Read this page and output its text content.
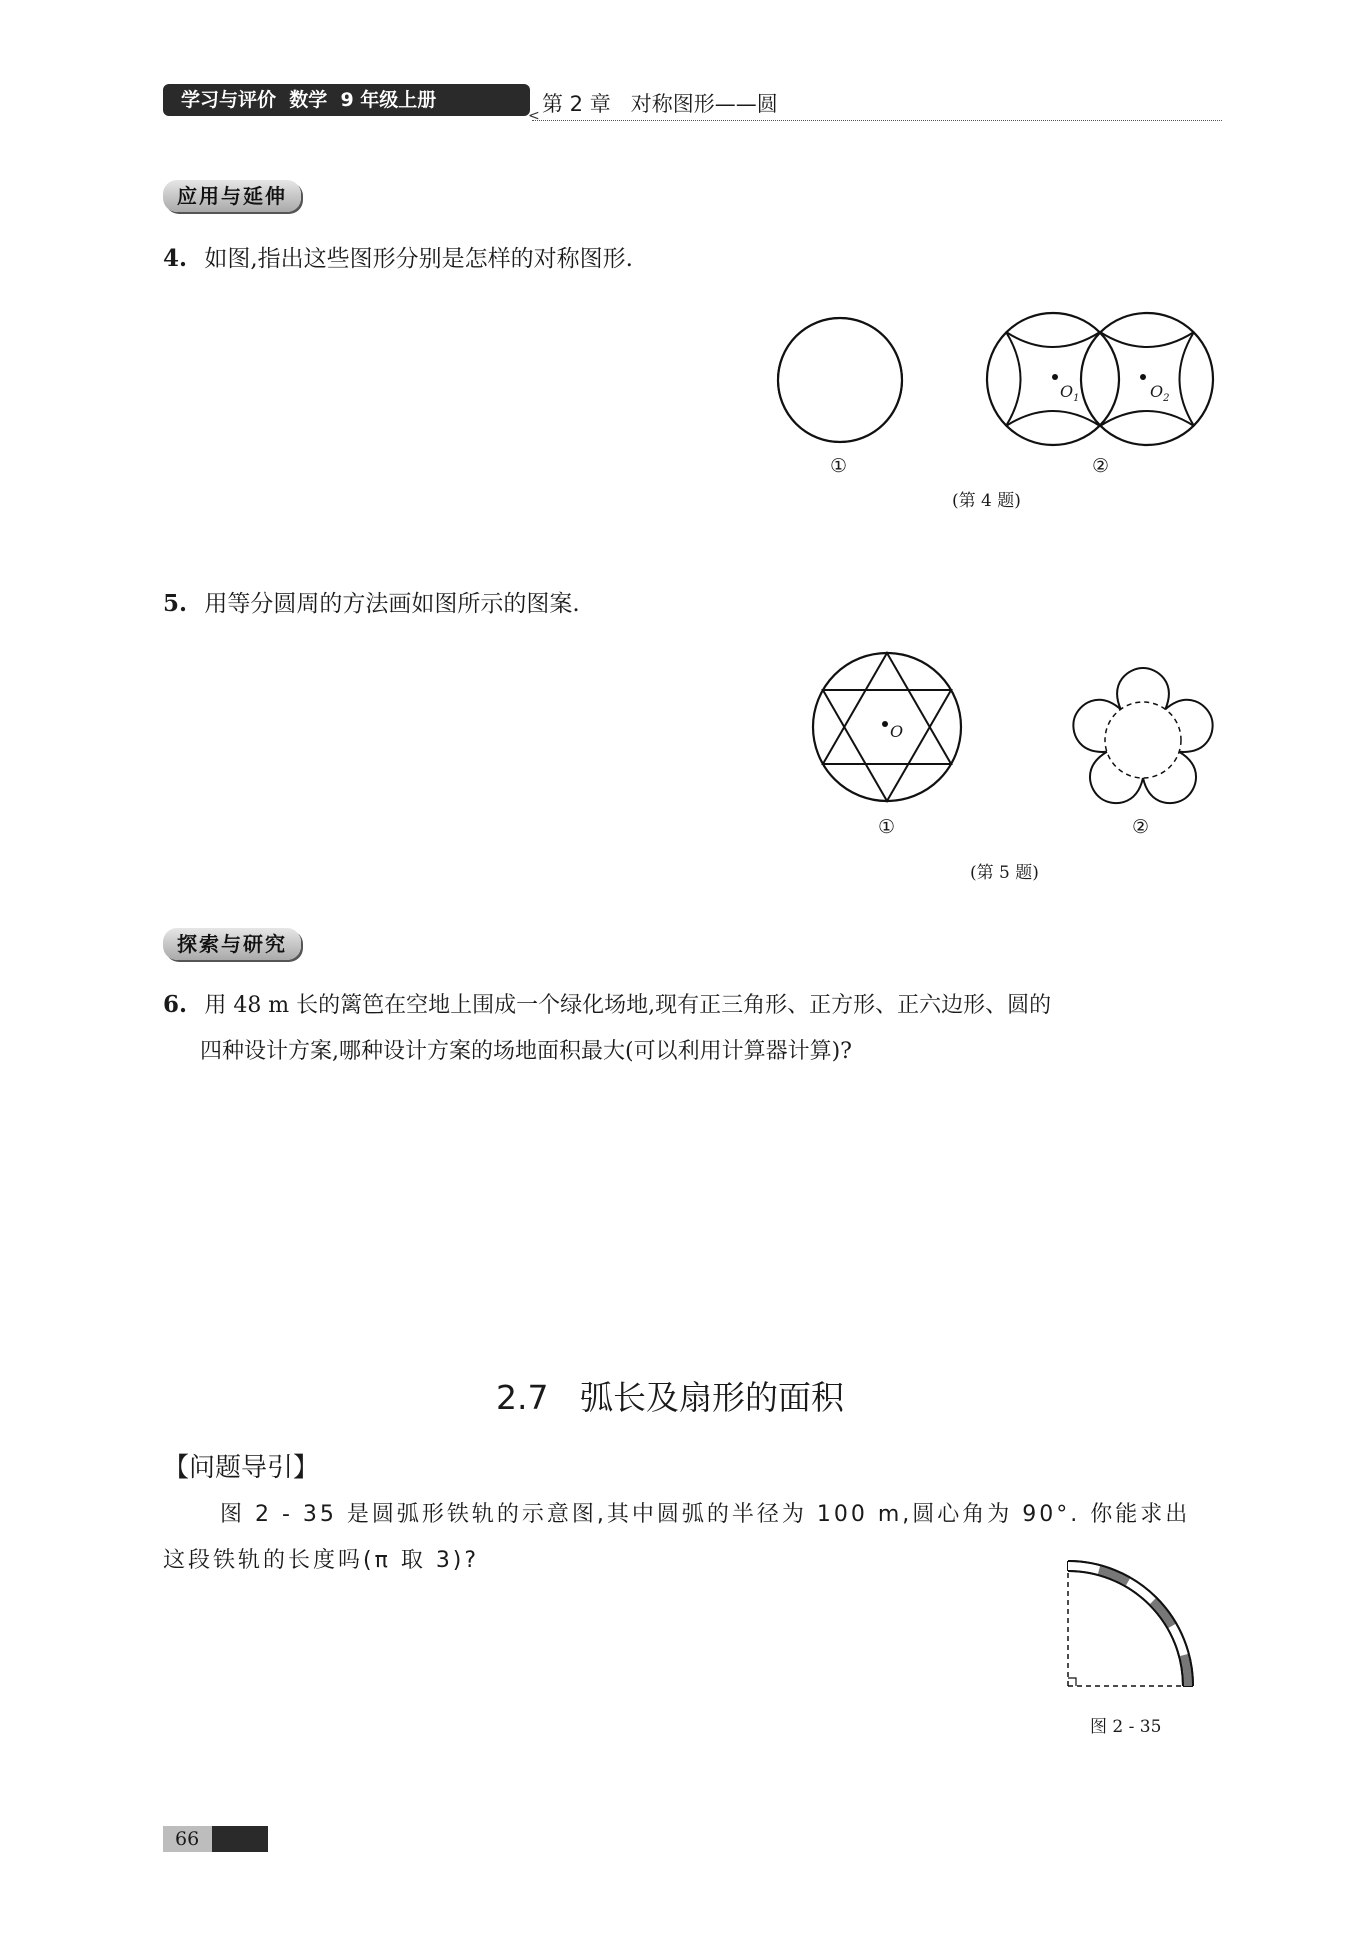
学习与评价  数学  9 年级上册	第 2 章   对称图形——圆
<
应用与延伸
4. 如图,指出这些图形分别是怎样的对称图形.
①
$O_1$	$O_2$
②
(第 4 题)
5. 用等分圆周的方法画如图所示的图案.
O
①	②
(第 5 题)
探索与研究
6. 用 48 m 长的篱笆在空地上围成一个绿化场地,现有正三角形、正方形、正六边形、圆的
四种设计方案,哪种设计方案的场地面积最大(可以利用计算器计算)?
2.7   弧长及扇形的面积
【问题导引】
图 2 - 35 是圆弧形铁轨的示意图,其中圆弧的半径为 100 m,圆心角为 90°. 你能求出
这段铁轨的长度吗(π 取 3)?
图 2 - 35
66
